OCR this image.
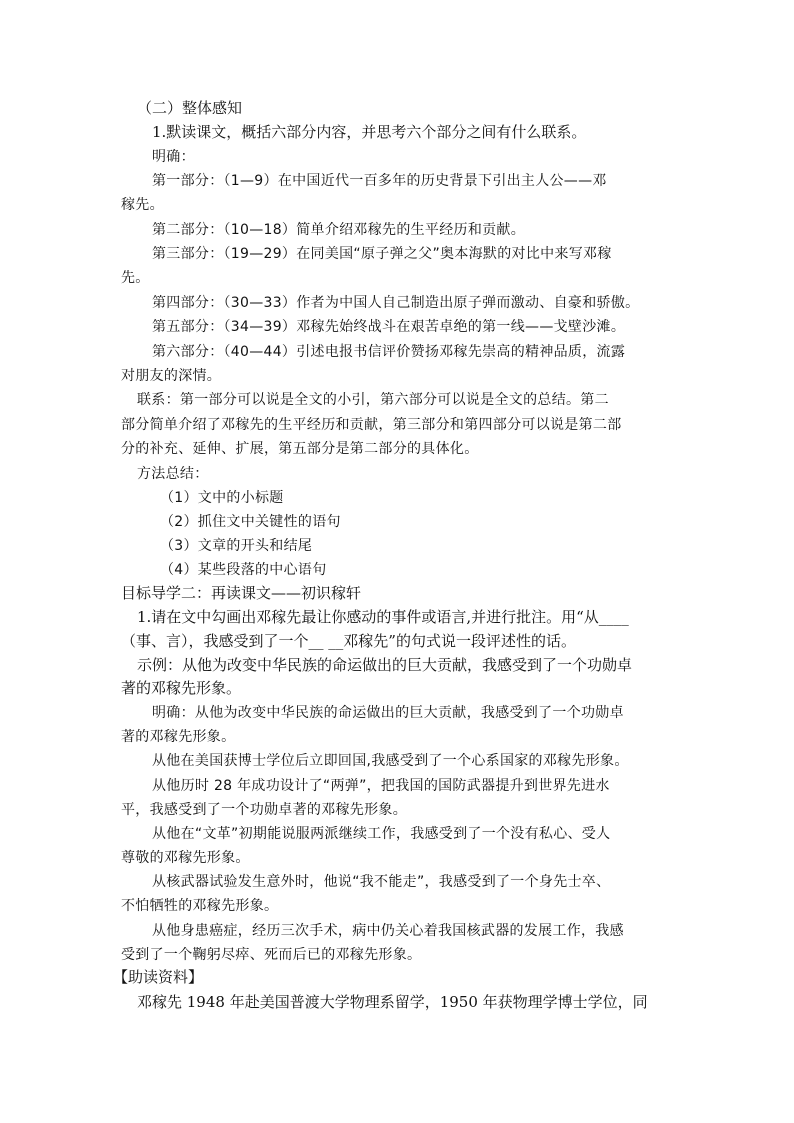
（二）整体感知
1.默读课文，概括六部分内容，并思考六个部分之间有什么联系。
明确：
第一部分：（1—9）在中国近代一百多年的历史背景下引出主人公——邓
稼先。
第二部分：（10—18）简单介绍邓稼先的生平经历和贡献。
第三部分：（19—29）在同美国“原子弹之父”奥本海默的对比中来写邓稼
先。
第四部分：（30—33）作者为中国人自己制造出原子弹而激动、自豪和骄傲。
第五部分：（34—39）邓稼先始终战斗在艰苦卓绝的第一线——戈壁沙滩。
第六部分：（40—44）引述电报书信评价赞扬邓稼先崇高的精神品质，流露
对朋友的深情。
联系：第一部分可以说是全文的小引，第六部分可以说是全文的总结。第二
部分简单介绍了邓稼先的生平经历和贡献，第三部分和第四部分可以说是第二部
分的补充、延伸、扩展，第五部分是第二部分的具体化。
方法总结：
（1）文中的小标题
（2）抓住文中关键性的语句
（3）文章的开头和结尾
（4）某些段落的中心语句
目标导学二：再读课文——初识稼轩
1.请在文中勾画出邓稼先最让你感动的事件或语言,并进行批注。用“从____
（事、言），我感受到了一个__ __邓稼先”的句式说一段评述性的话。
示例：从他为改变中华民族的命运做出的巨大贡献，我感受到了一个功勋卓
著的邓稼先形象。
明确：从他为改变中华民族的命运做出的巨大贡献，我感受到了一个功勋卓
著的邓稼先形象。
从他在美国获博士学位后立即回国,我感受到了一个心系国家的邓稼先形象。
从他历时 28 年成功设计了“两弹”，把我国的国防武器提升到世界先进水
平，我感受到了一个功勋卓著的邓稼先形象。
从他在“文革”初期能说服两派继续工作，我感受到了一个没有私心、受人
尊敬的邓稼先形象。
从核武器试验发生意外时，他说“我不能走”，我感受到了一个身先士卒、
不怕牺牲的邓稼先形象。
从他身患癌症，经历三次手术，病中仍关心着我国核武器的发展工作，我感
受到了一个鞠躬尽瘁、死而后已的邓稼先形象。
【助读资料】
邓稼先 1948 年赴美国普渡大学物理系留学，1950 年获物理学博士学位，同
